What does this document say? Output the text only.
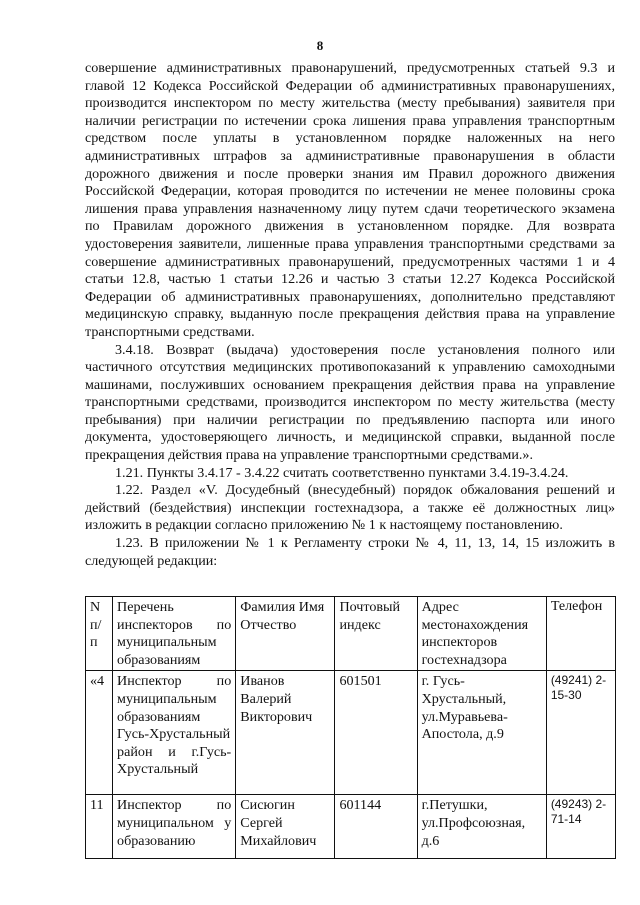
8

совершение административных правонарушений, предусмотренных статьей 9.3 и главой 12 Кодекса Российской Федерации об административных правонарушениях, производится инспектором по месту жительства (месту пребывания) заявителя при наличии регистрации по истечении срока лишения права управления транспортным средством после уплаты в установленном порядке наложенных на него административных штрафов за административные правонарушения в области дорожного движения и после проверки знания им Правил дорожного движения Российской Федерации, которая проводится по истечении не менее половины срока лишения права управления назначенному лицу путем сдачи теоретического экзамена по Правилам дорожного движения в установленном порядке. Для возврата удостоверения заявители, лишенные права управления транспортными средствами за совершение административных правонарушений, предусмотренных частями 1 и 4 статьи 12.8, частью 1 статьи 12.26 и частью 3 статьи 12.27 Кодекса Российской Федерации об административных правонарушениях, дополнительно представляют медицинскую справку, выданную после прекращения действия права на управление транспортными средствами.

3.4.18. Возврат (выдача) удостоверения после установления полного или частичного отсутствия медицинских противопоказаний к управлению самоходными машинами, послуживших основанием прекращения действия права на управление транспортными средствами, производится инспектором по месту жительства (месту пребывания) при наличии регистрации по предъявлению паспорта или иного документа, удостоверяющего личность, и медицинской справки, выданной после прекращения действия права на управление транспортными средствами.».

1.21. Пункты 3.4.17 - 3.4.22 считать соответственно пунктами 3.4.19-3.4.24.

1.22. Раздел «V. Досудебный (внесудебный) порядок обжалования решений и действий (бездействия) инспекции гостехнадзора, а также её должностных лиц» изложить в редакции согласно приложению № 1 к настоящему постановлению.

1.23. В приложении № 1 к Регламенту строки № 4, 11, 13, 14, 15 изложить в следующей редакции:

N п/п	Перечень инспекторов по муниципальным образованиям	Фамилия Имя Отчество	Почтовый индекс	Адрес местонахождения инспекторов гостехнадзора	Телефон
«4	Инспектор по муниципальным образованиям Гусь-Хрустальный район и г.Гусь-Хрустальный	Иванов Валерий Викторович	601501	г. Гусь-Хрустальный, ул.Муравьева-Апостола, д.9	(49241) 2-15-30
11	Инспектор по муниципальном у образованию	Сисюгин Сергей Михайлович	601144	г.Петушки, ул.Профсоюзная, д.6	(49243) 2-71-14
